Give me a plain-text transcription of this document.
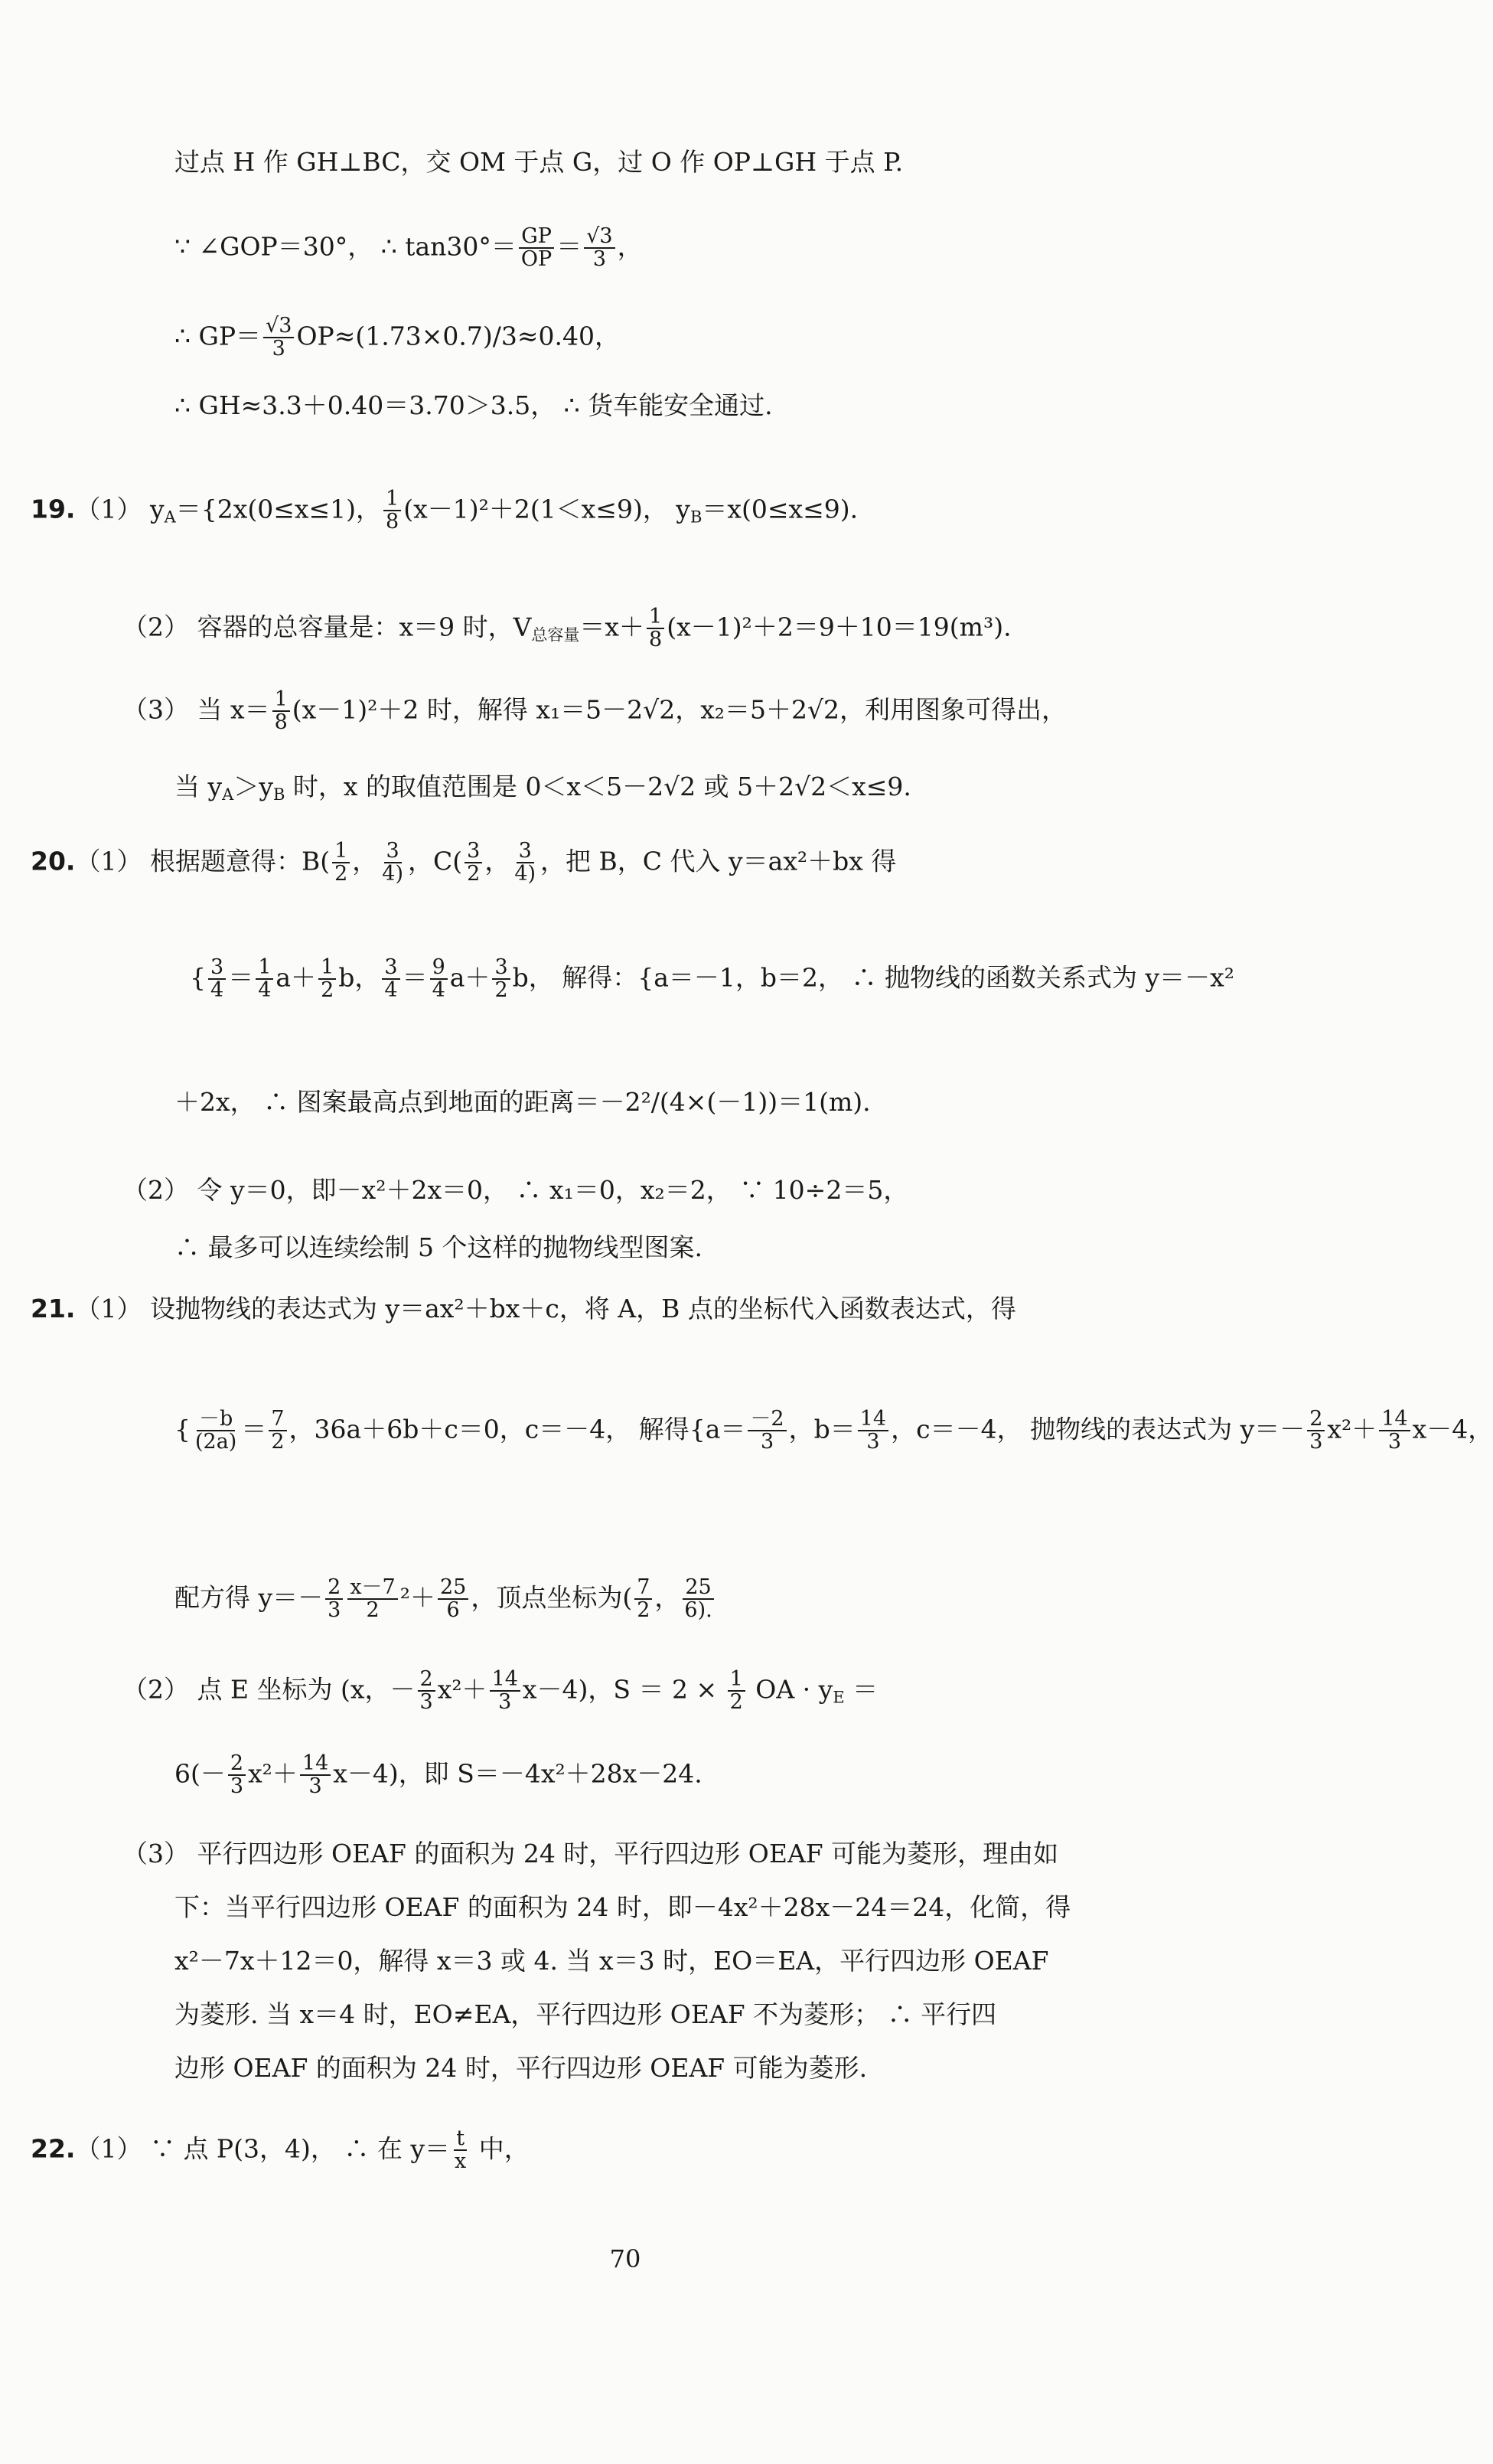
过点 H 作 GH⊥BC，交 OM 于点 G，过 O 作 OP⊥GH 于点 P.
∵ ∠GOP＝30°， ∴ $\tan 30^\circ= \frac{GP}{OP} = \frac{√3}{3}$ ，
∴ $GP= \frac{√3}{3} OP\approx(1.73\times 0.7)/3\approx 0.40$，
∴ GH≈3.3＋0.40＝3.70＞3.5， ∴ 货车能安全通过.
19.（1） $y_A=\{2x(0\le x\le 1)$， $\frac{1}{8} (x-1)^2+2(1<x\le 9)$， $y_B=x(0\le x\le 9)$.
（2） 容器的总容量是：x＝9 时，$V_{总容量}=x+ \frac{1}{8} (x-1)^2+2=9+10=19(m^3)$.
（3） 当 $x= \frac{1}{8} (x-1)^2+2$ 时，解得 x₁＝5－2√2，x₂＝5＋2√2，利用图象可得出，
当 $y_A>y_B$ 时，x 的取值范围是 0＜x＜5－2√2 或 5＋2√2＜x≤9.
20.（1） 根据题意得：$B( \frac{1}{2}$ ， $\frac{3}{4)}$ ，$C( \frac{3}{2}$ ， $\frac{3}{4)}$ ，把 B，C 代入 y＝ax²＋bx 得
{ $\frac{3}{4} = \frac{1}{4} a+ \frac{1}{2}$ b， $\frac{3}{4} = \frac{9}{4} a+ \frac{3}{2}$ b， 解得：{a＝－1，b＝2， ∴ 抛物线的函数关系式为 y＝－x²
＋2x， ∴ 图案最高点到地面的距离＝－2²/(4×(－1))＝1(m).
（2） 令 y＝0，即－x²＋2x＝0， ∴ x₁＝0，x₂＝2， ∵ 10÷2＝5，
∴ 最多可以连续绘制 5 个这样的抛物线型图案.
21.（1） 设抛物线的表达式为 y＝ax²＋bx＋c，将 A，B 点的坐标代入函数表达式，得
{ $\frac{-b}{(2a)} = \frac{7}{2}$ ，36a＋6b＋c＝0，c＝－4， 解得{$a= \frac{-2}{3}$ ，$b= \frac{14}{3}$ ，c＝－4， 抛物线的表达式为 $y=- \frac{2}{3} x^2+ \frac{14}{3} x-4$，
配方得 $y=- \frac{2}{3} \frac{x-7}{2} ^2+ \frac{25}{6}$ ，顶点坐标为( $\frac{7}{2}$ ， $\frac{25}{6).}$
（2） 点 E 坐标为 (x，－ $\frac{2}{3} x^2+ \frac{14}{3} x-4$)，$S = 2 \times \frac{1}{2}$ OA · $y_E$ ＝
$6(- \frac{2}{3} x^2+ \frac{14}{3} x-4)$，即 S＝－4x²＋28x－24.
（3） 平行四边形 OEAF 的面积为 24 时，平行四边形 OEAF 可能为菱形，理由如
下：当平行四边形 OEAF 的面积为 24 时，即－4x²＋28x－24＝24，化简，得
x²－7x＋12＝0，解得 x＝3 或 4. 当 x＝3 时，EO＝EA，平行四边形 OEAF
为菱形. 当 x＝4 时，EO≠EA，平行四边形 OEAF 不为菱形； ∴ 平行四
边形 OEAF 的面积为 24 时，平行四边形 OEAF 可能为菱形.
22.（1） ∵ 点 P(3，4)， ∴ 在 $y= \frac{t}{x}$ 中，
70
